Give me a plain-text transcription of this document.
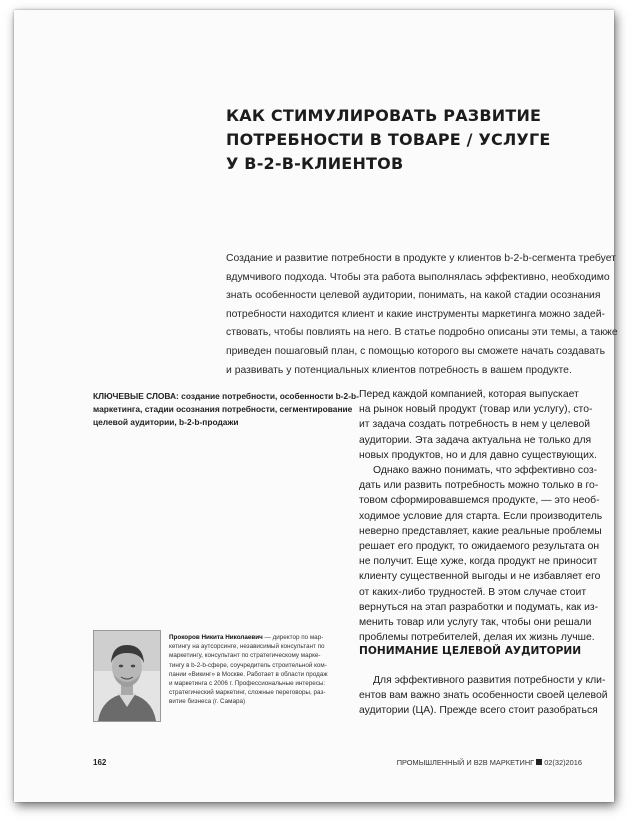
КАК СТИМУЛИРОВАТЬ РАЗВИТИЕ
ПОТРЕБНОСТИ В ТОВАРЕ / УСЛУГЕ
У B-2-B-КЛИЕНТОВ
Создание и развитие потребности в продукте у клиентов b-2-b-сегмента требует
вдумчивого подхода. Чтобы эта работа выполнялась эффективно, необходимо
знать особенности целевой аудитории, понимать, на какой стадии осознания
потребности находится клиент и какие инструменты маркетинга можно задей-
ствовать, чтобы повлиять на него. В статье подробно описаны эти темы, а также
приведен пошаговый план, с помощью которого вы сможете начать создавать
и развивать у потенциальных клиентов потребность в вашем продукте.
КЛЮЧЕВЫЕ СЛОВА: создание потребности, особенности b-2-b-
маркетинга, стадии осознания потребности, сегментирование
целевой аудитории, b-2-b-продажи
Перед каждой компанией, которая выпускает
на рынок новый продукт (товар или услугу), сто-
ит задача создать потребность в нем у целевой
аудитории. Эта задача актуальна не только для
новых продуктов, но и для давно существующих.
Однако важно понимать, что эффективно соз-
дать или развить потребность можно только в го-
товом сформировавшемся продукте, — это необ-
ходимое условие для старта. Если производитель
неверно представляет, какие реальные проблемы
решает его продукт, то ожидаемого результата он
не получит. Еще хуже, когда продукт не приносит
клиенту существенной выгоды и не избавляет его
от каких-либо трудностей. В этом случае стоит
вернуться на этап разработки и подумать, как из-
менить товар или услугу так, чтобы они решали
проблемы потребителей, делая их жизнь лучше.
Прокоров Никита Николаевич — директор по мар-
кетингу на аутсорсинге, независимый консультант по
маркетингу, консультант по стратегическому марке-
тингу в b-2-b-сфере, соучредитель строительной ком-
пании «Викинг» в Москве. Работает в области продаж
и маркетинга с 2006 г. Профессиональные интересы:
стратегический маркетинг, сложные переговоры, раз-
витие бизнеса (г. Самара)
ПОНИМАНИЕ ЦЕЛЕВОЙ АУДИТОРИИ
Для эффективного развития потребности у кли-
ентов вам важно знать особенности своей целевой
аудитории (ЦА). Прежде всего стоит разобраться
162	ПРОМЫШЛЕННЫЙ И B2B МАРКЕТИНГ 02(32)2016
